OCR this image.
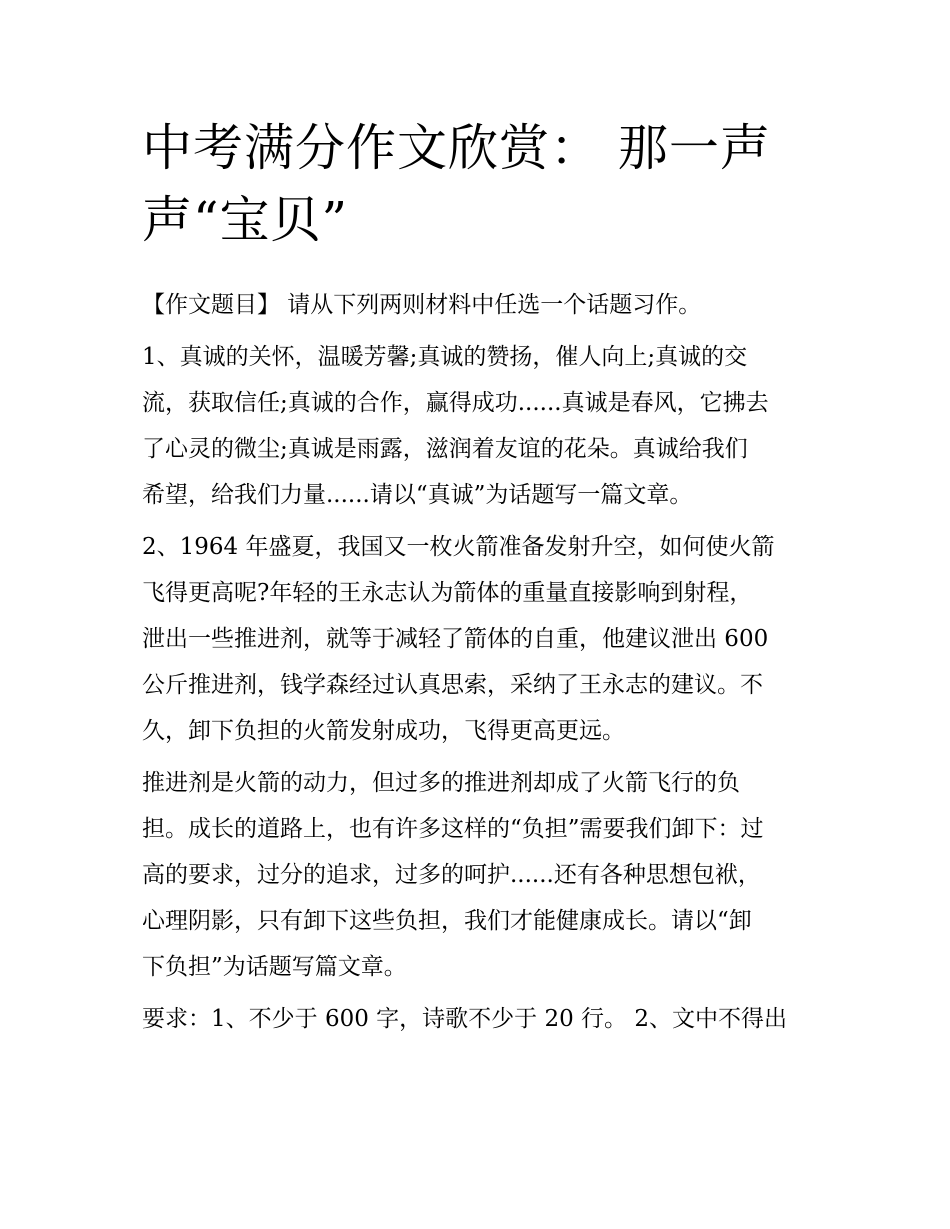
中考满分作文欣赏： 那一声
声“宝贝”
【作文题目】 请从下列两则材料中任选一个话题习作。
1、真诚的关怀，温暖芳馨;真诚的赞扬，催人向上;真诚的交
流，获取信任;真诚的合作，赢得成功......真诚是春风，它拂去
了心灵的微尘;真诚是雨露，滋润着友谊的花朵。真诚给我们
希望，给我们力量......请以“真诚”为话题写一篇文章。
2、1964 年盛夏，我国又一枚火箭准备发射升空，如何使火箭
飞得更高呢?年轻的王永志认为箭体的重量直接影响到射程，
泄出一些推进剂，就等于减轻了箭体的自重，他建议泄出 600
公斤推进剂，钱学森经过认真思索，采纳了王永志的建议。不
久，卸下负担的火箭发射成功，飞得更高更远。
推进剂是火箭的动力，但过多的推进剂却成了火箭飞行的负
担。成长的道路上，也有许多这样的“负担”需要我们卸下：过
高的要求，过分的追求，过多的呵护......还有各种思想包袱，
心理阴影，只有卸下这些负担，我们才能健康成长。请以“卸
下负担”为话题写篇文章。
要求：1、不少于 600 字，诗歌不少于 20 行。 2、文中不得出
